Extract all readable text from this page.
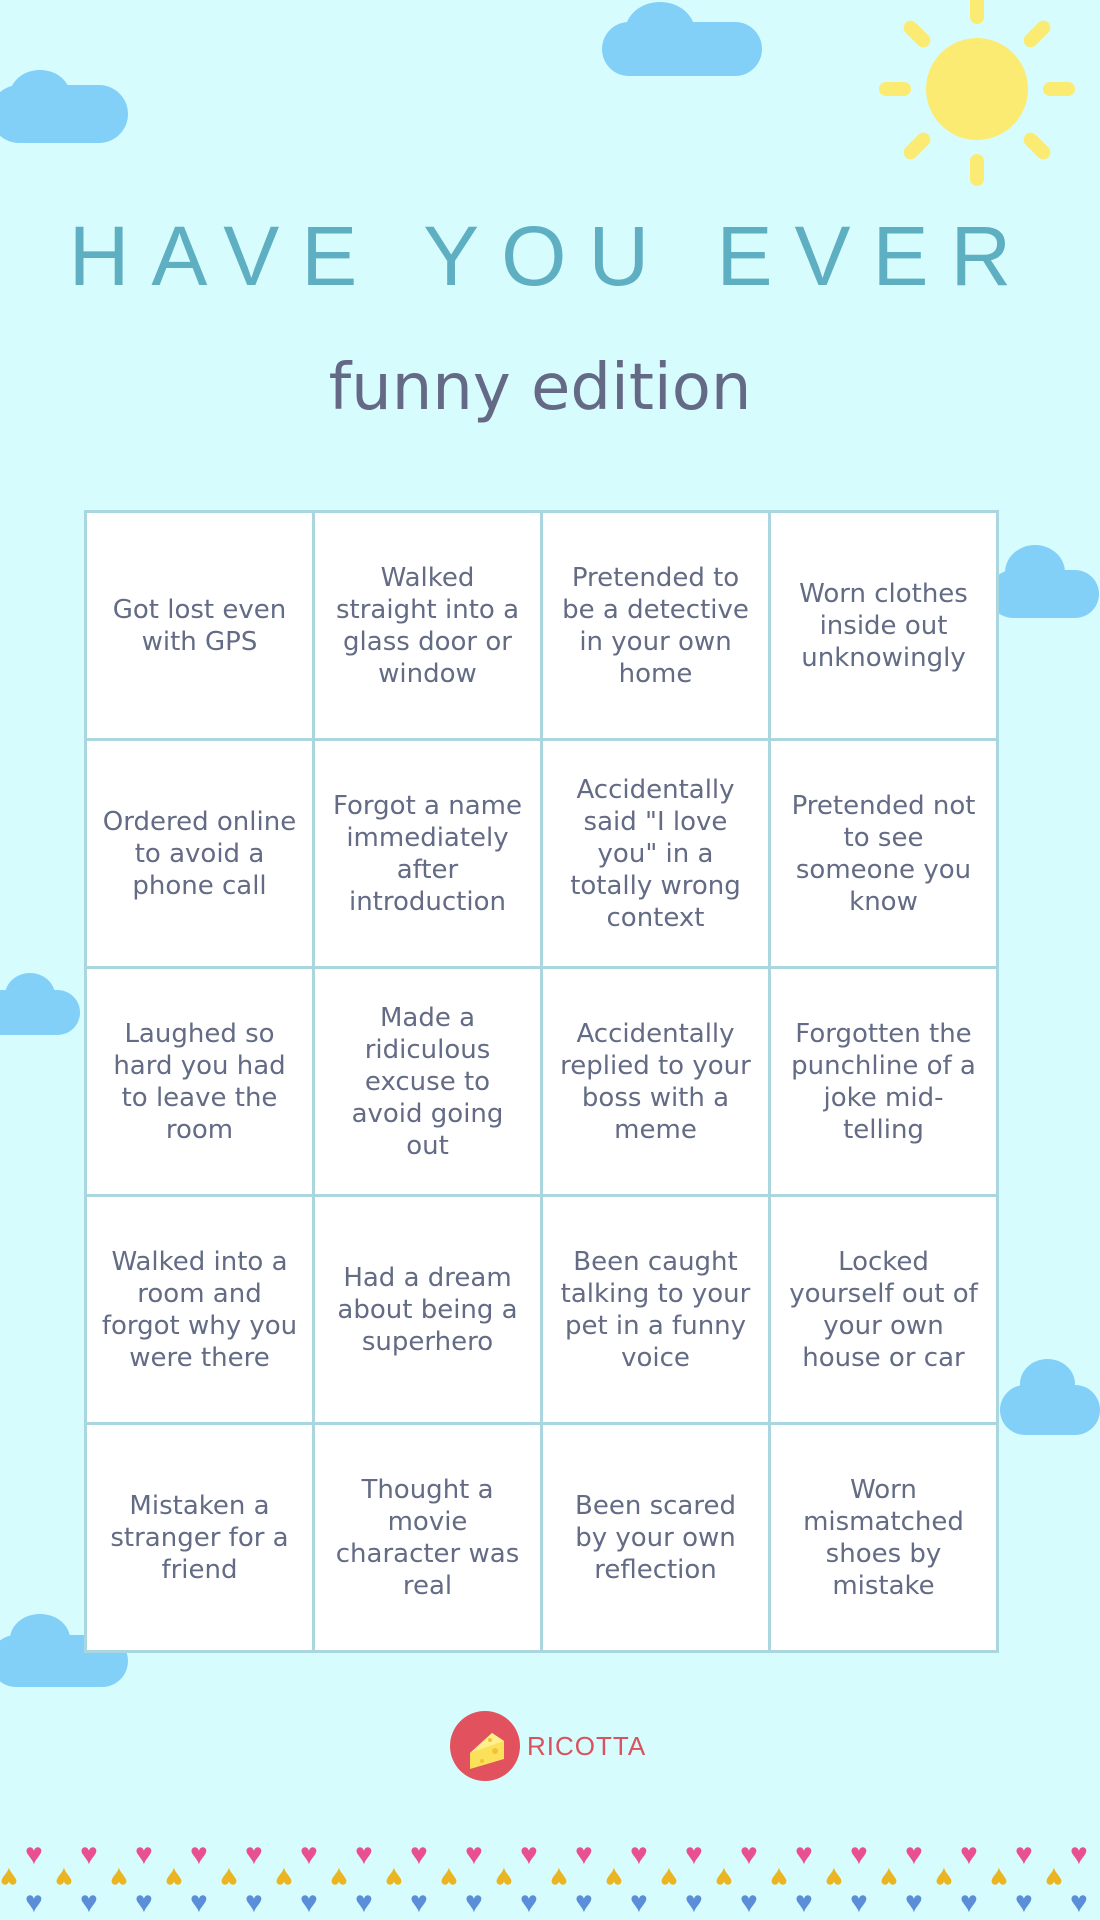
HAVE YOU EVER
funny edition
Got lost even with GPS	Walked straight into a glass door or window	Pretended to be a detective in your own home	Worn clothes inside out unknowingly
Ordered online to avoid a phone call	Forgot a name immediately after introduction	Accidentally said "I love you" in a totally wrong context	Pretended not to see someone you know
Laughed so hard you had to leave the room	Made a ridiculous excuse to avoid going out	Accidentally replied to your boss with a meme	Forgotten the punchline of a joke mid-telling
Walked into a room and forgot why you were there	Had a dream about being a superhero	Been caught talking to your pet in a funny voice	Locked yourself out of your own house or car
Mistaken a stranger for a friend	Thought a movie character was real	Been scared by your own reflection	Worn mismatched shoes by mistake
RICOTTA
♥
♥
♥
♥
♥
♥
♥
♥
♥
♥
♥
♥
♥
♥
♥
♥
♥
♥
♥
♥
♥
♥
♥
♥
♥
♥
♥
♥
♥
♥
♥
♥
♥
♥
♥
♥
♥
♥
♥
♥
♥
♥
♥
♥
♥
♥
♥
♥
♥
♥
♥
♥
♥
♥
♥
♥
♥
♥
♥
♥
